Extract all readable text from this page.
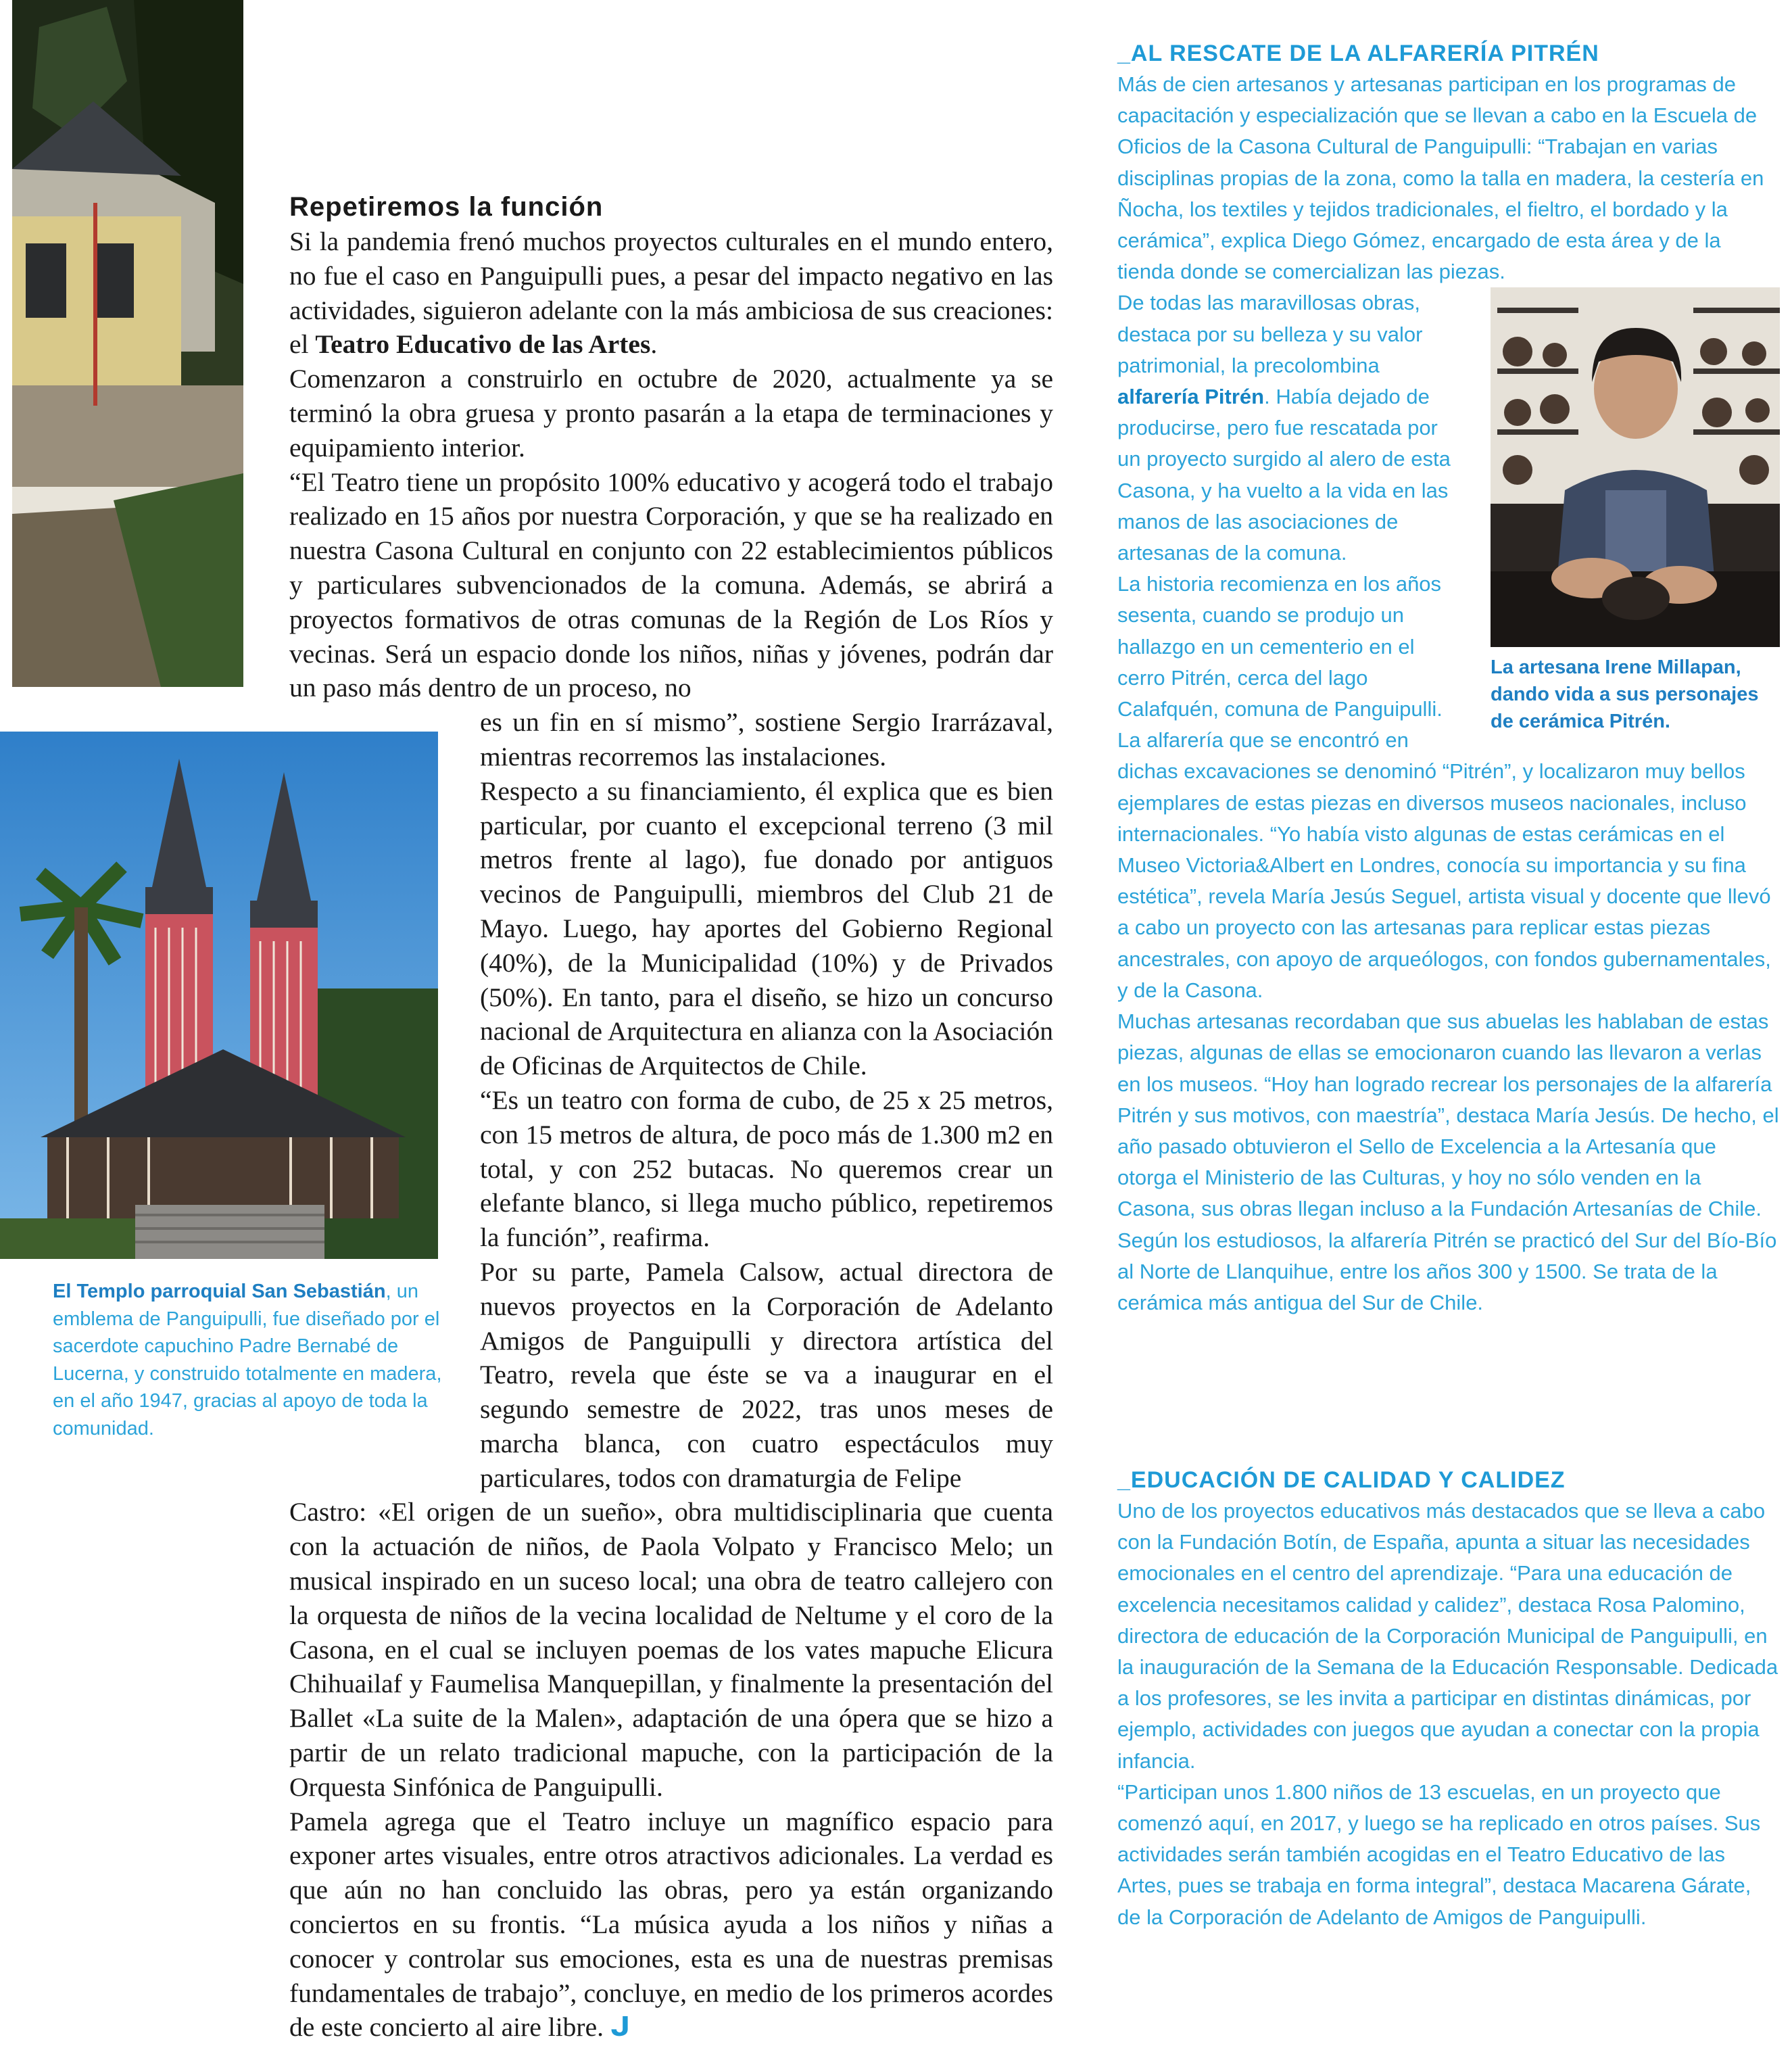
El Templo parroquial San Sebastián, un emblema de Panguipulli, fue diseñado por el sacerdote capuchino Padre Bernabé de Lucerna, y construido totalmente en madera, en el año 1947, gracias al apoyo de toda la comunidad.
Repetiremos la función

Si la pandemia frenó muchos proyectos culturales en el mundo entero, no fue el caso en Panguipulli pues, a pesar del impacto negativo en las actividades, siguieron adelante con la más ambiciosa de sus creaciones: el Teatro Educativo de las Artes.

Comenzaron a construirlo en octubre de 2020, actualmente ya se terminó la obra gruesa y pronto pasarán a la etapa de terminaciones y equipamiento interior.

“El Teatro tiene un propósito 100% educativo y acogerá todo el trabajo realizado en 15 años por nuestra Corporación, y que se ha realizado en nuestra Casona Cultural en conjunto con 22 establecimientos públicos y particulares subvencionados de la comuna. Además, se abrirá a proyectos formativos de otras comunas de la Región de Los Ríos y vecinas. Será un espacio donde los niños, niñas y jóvenes, podrán dar un paso más dentro de un proceso, no

es un fin en sí mismo”, sostiene Sergio Irarrázaval, mientras recorremos las instalaciones.

Respecto a su financiamiento, él explica que es bien particular, por cuanto el excepcional terreno (3 mil metros frente al lago), fue donado por antiguos vecinos de Panguipulli, miembros del Club 21 de Mayo. Luego, hay aportes del Gobierno Regional (40%), de la Municipalidad (10%) y de Privados (50%). En tanto, para el diseño, se hizo un concurso nacional de Arquitectura en alianza con la Asociación de Oficinas de Arquitectos de Chile.

“Es un teatro con forma de cubo, de 25 x 25 metros, con 15 metros de altura, de poco más de 1.300 m2 en total, y con 252 butacas. No queremos crear un elefante blanco, si llega mucho público, repetiremos la función”, reafirma.

Por su parte, Pamela Calsow, actual directora de nuevos proyectos en la Corporación de Adelanto Amigos de Panguipulli y directora artística del Teatro, revela que éste se va a inaugurar en el segundo semestre de 2022, tras unos meses de marcha blanca, con cuatro espectáculos muy particulares, todos con dramaturgia de Felipe

Castro: «El origen de un sueño», obra multidisciplinaria que cuenta con la actuación de niños, de Paola Volpato y Francisco Melo; un musical inspirado en un suceso local; una obra de teatro callejero con la orquesta de niños de la vecina localidad de Neltume y el coro de la Casona, en el cual se incluyen poemas de los vates mapuche Elicura Chihuailaf y Faumelisa Manquepillan, y finalmente la presentación del Ballet «La suite de la Malen», adaptación de una ópera que se hizo a partir de un relato tradicional mapuche, con la participación de la Orquesta Sinfónica de Panguipulli.

Pamela agrega que el Teatro incluye un magnífico espacio para exponer artes visuales, entre otros atractivos adicionales. La verdad es que aún no han concluido las obras, pero ya están organizando conciertos en su frontis. “La música ayuda a los niños y niñas a conocer y controlar sus emociones, esta es una de nuestras premisas fundamentales de trabajo”, concluye, en medio de los primeros acordes de este concierto al aire libre. ᒍ

_AL RESCATE DE LA ALFARERÍA PITRÉN

Más de cien artesanos y artesanas participan en los programas de capacitación y especialización que se llevan a cabo en la Escuela de Oficios de la Casona Cultural de Panguipulli: “Trabajan en varias disciplinas propias de la zona, como la talla en madera, la cestería en Ñocha, los textiles y tejidos tradicionales, el fieltro, el bordado y la cerámica”, explica Diego Gómez, encargado de esta área y de la tienda donde se comercializan las piezas.

La artesana Irene Millapan, dando vida a sus personajes de cerámica Pitrén.

De todas las maravillosas obras, destaca por su belleza y su valor patrimonial, la precolombina alfarería Pitrén. Había dejado de producirse, pero fue rescatada por un proyecto surgido al alero de esta Casona, y ha vuelto a la vida en las manos de las asociaciones de artesanas de la comuna.

La historia recomienza en los años sesenta, cuando se produjo un hallazgo en un cementerio en el cerro Pitrén, cerca del lago Calafquén, comuna de Panguipulli. La alfarería que se encontró en dichas excavaciones se denominó “Pitrén”, y localizaron muy bellos ejemplares de estas piezas en diversos museos nacionales, incluso internacionales. “Yo había visto algunas de estas cerámicas en el Museo Victoria&Albert en Londres, conocía su importancia y su fina estética”, revela María Jesús Seguel, artista visual y docente que llevó a cabo un proyecto con las artesanas para replicar estas piezas ancestrales, con apoyo de arqueólogos, con fondos gubernamentales, y de la Casona.

Muchas artesanas recordaban que sus abuelas les hablaban de estas piezas, algunas de ellas se emocionaron cuando las llevaron a verlas en los museos. “Hoy han logrado recrear los personajes de la alfarería Pitrén y sus motivos, con maestría”, destaca María Jesús. De hecho, el año pasado obtuvieron el Sello de Excelencia a la Artesanía que otorga el Ministerio de las Culturas, y hoy no sólo venden en la Casona, sus obras llegan incluso a la Fundación Artesanías de Chile.

Según los estudiosos, la alfarería Pitrén se practicó del Sur del Bío-Bío al Norte de Llanquihue, entre los años 300 y 1500. Se trata de la cerámica más antigua del Sur de Chile.

_EDUCACIÓN DE CALIDAD Y CALIDEZ

Uno de los proyectos educativos más destacados que se lleva a cabo con la Fundación Botín, de España, apunta a situar las necesidades emocionales en el centro del aprendizaje. “Para una educación de excelencia necesitamos calidad y calidez”, destaca Rosa Palomino, directora de educación de la Corporación Municipal de Panguipulli, en la inauguración de la Semana de la Educación Responsable. Dedicada a los profesores, se les invita a participar en distintas dinámicas, por ejemplo, actividades con juegos que ayudan a conectar con la propia infancia.

“Participan unos 1.800 niños de 13 escuelas, en un proyecto que comenzó aquí, en 2017, y luego se ha replicado en otros países. Sus actividades serán también acogidas en el Teatro Educativo de las Artes, pues se trabaja en forma integral”, destaca Macarena Gárate, de la Corporación de Adelanto de Amigos de Panguipulli.
